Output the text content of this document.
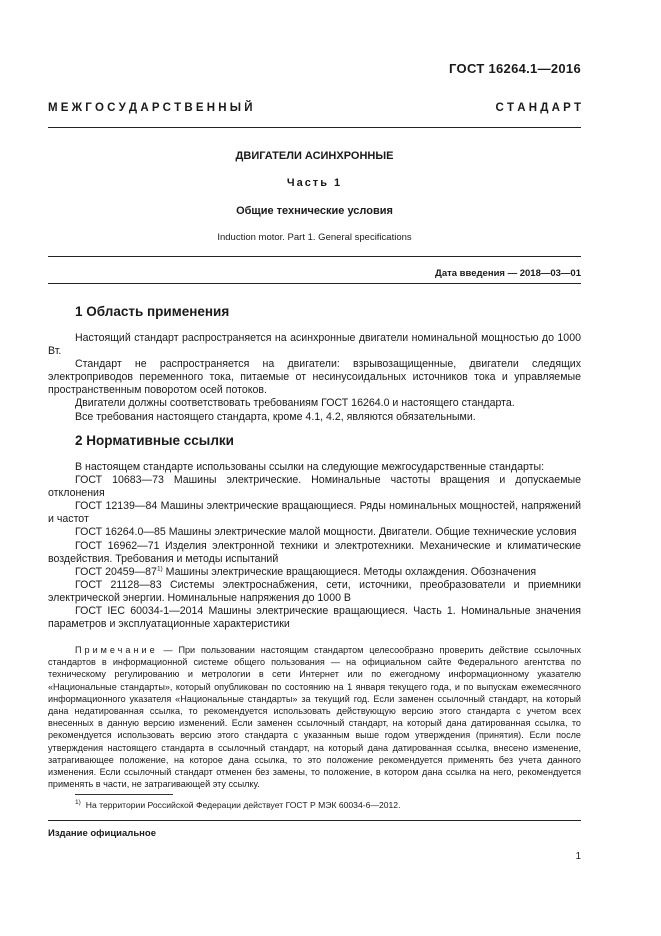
ГОСТ 16264.1—2016
М Е Ж Г О С У Д А Р С Т В Е Н Н Ы Й	С Т А Н Д А Р Т
ДВИГАТЕЛИ АСИНХРОННЫЕ
Часть 1
Общие технические условия
Induction motor. Part 1. General specifications
Дата введения — 2018—03—01
1 Область применения

Настоящий стандарт распространяется на асинхронные двигатели номинальной мощностью до 1000 Вт.

Стандарт не распространяется на двигатели: взрывозащищенные, двигатели следящих электроприводов переменного тока, питаемые от несинусоидальных источников тока и управляемые пространственным поворотом осей потоков.

Двигатели должны соответствовать требованиям ГОСТ 16264.0 и настоящего стандарта.

Все требования настоящего стандарта, кроме 4.1, 4.2, являются обязательными.

2 Нормативные ссылки

В настоящем стандарте использованы ссылки на следующие межгосударственные стандарты:

ГОСТ 10683—73 Машины электрические. Номинальные частоты вращения и допускаемые отклонения

ГОСТ 12139—84 Машины электрические вращающиеся. Ряды номинальных мощностей, напряжений и частот

ГОСТ 16264.0—85 Машины электрические малой мощности. Двигатели. Общие технические условия

ГОСТ 16962—71 Изделия электронной техники и электротехники. Механические и климатические воздействия. Требования и методы испытаний

ГОСТ 20459—87$^{1)}$ Машины электрические вращающиеся. Методы охлаждения. Обозначения

ГОСТ 21128—83 Системы электроснабжения, сети, источники, преобразователи и приемники электрической энергии. Номинальные напряжения до 1000 В

ГОСТ IEC 60034-1—2014 Машины электрические вращающиеся. Часть 1. Номинальные значения параметров и эксплуатационные характеристики

Примечание — При пользовании настоящим стандартом целесообразно проверить действие ссылочных стандартов в информационной системе общего пользования — на официальном сайте Федерального агентства по техническому регулированию и метрологии в сети Интернет или по ежегодному информационному указателю «Национальные стандарты», который опубликован по состоянию на 1 января текущего года, и по выпускам ежемесячного информационного указателя «Национальные стандарты» за текущий год. Если заменен ссылочный стандарт, на который дана недатированная ссылка, то рекомендуется использовать действующую версию этого стандарта с учетом всех внесенных в данную версию изменений. Если заменен ссылочный стандарт, на который дана датированная ссылка, то рекомендуется использовать версию этого стандарта с указанным выше годом утверждения (принятия). Если после утверждения настоящего стандарта в ссылочный стандарт, на который дана датированная ссылка, внесено изменение, затрагивающее положение, на которое дана ссылка, то это положение рекомендуется применять без учета данного изменения. Если ссылочный стандарт отменен без замены, то положение, в котором дана ссылка на него, рекомендуется применять в части, не затрагивающей эту ссылку.

$^{1)}$ На территории Российской Федерации действует ГОСТ Р МЭК 60034-6—2012.
Издание официальное
1
